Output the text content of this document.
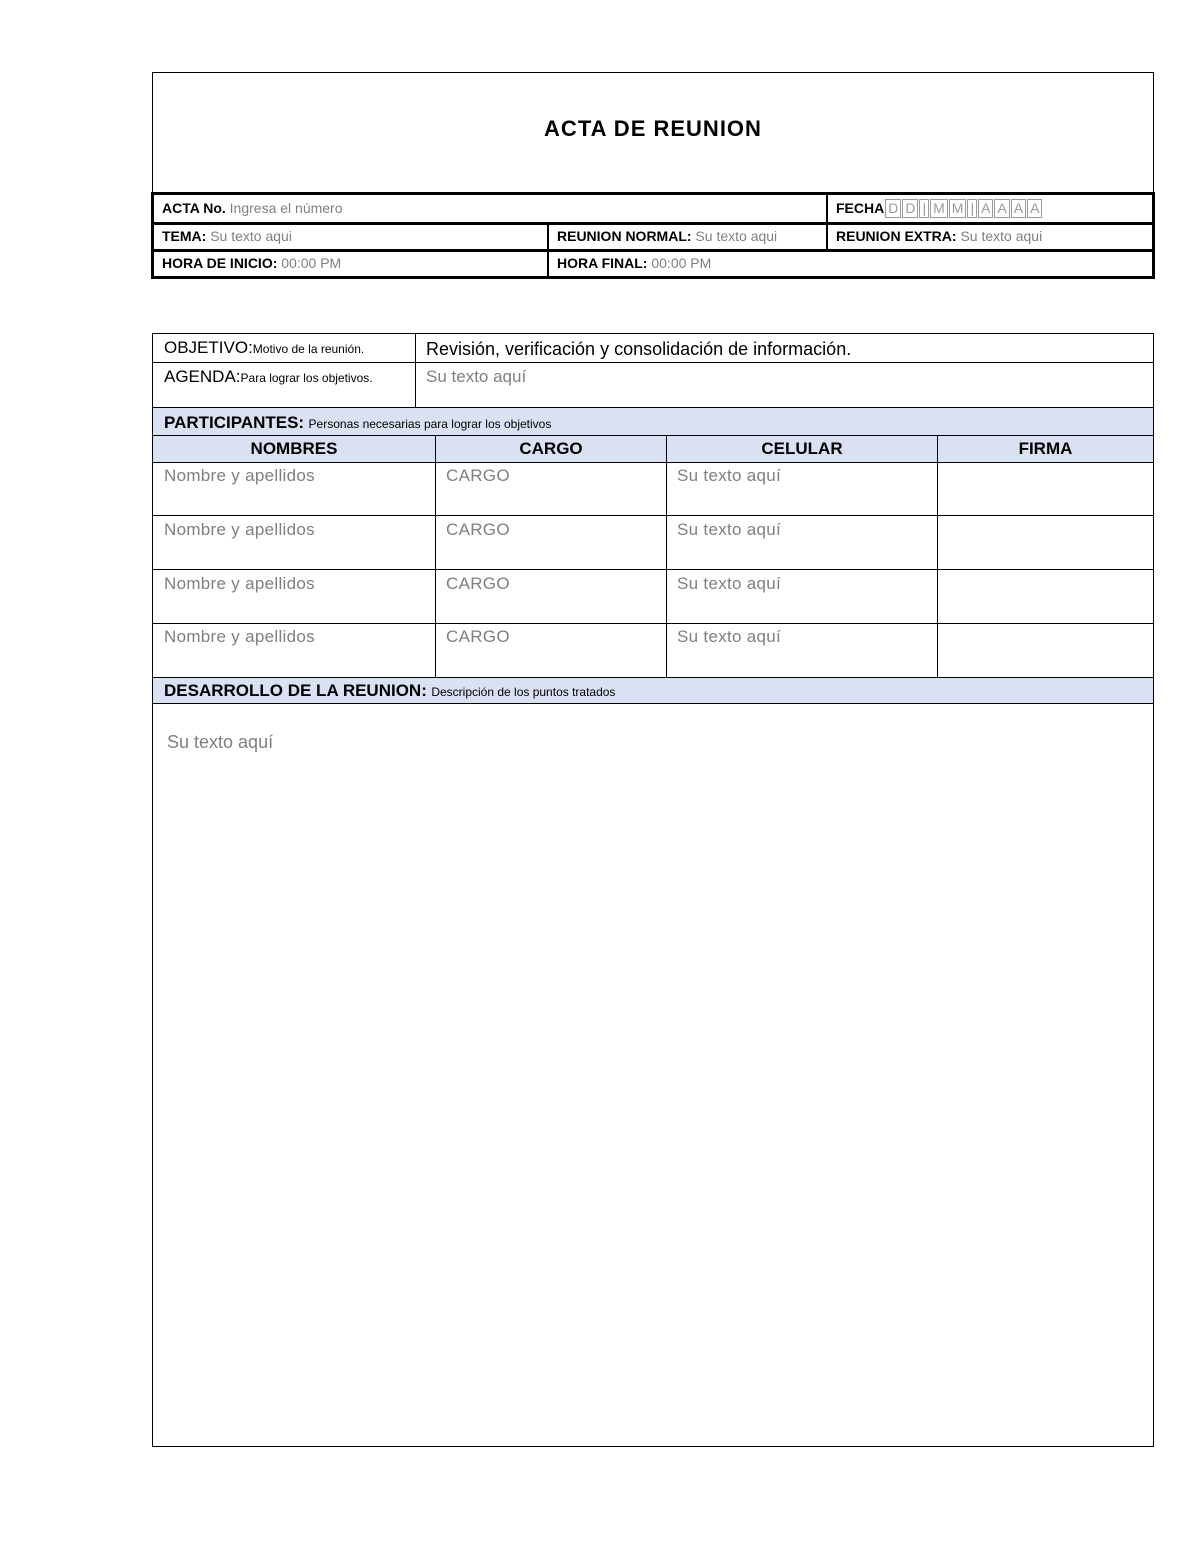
ACTA DE REUNION
ACTA No. Ingresa el número	FECHA D D | M M | A A A A
TEMA: Su texto aqui	REUNION NORMAL: Su texto aqui	REUNION EXTRA: Su texto aqui
HORA DE INICIO: 00:00 PM	HORA FINAL: 00:00 PM
OBJETIVO:Motivo de la reunión.	Revisión, verificación y consolidación de información.
AGENDA:Para lograr los objetivos.	Su texto aquí
PARTICIPANTES: Personas necesarias para lograr los objetivos
NOMBRES	CARGO	CELULAR	FIRMA
Nombre y apellidos	CARGO	Su texto aquí
Nombre y apellidos	CARGO	Su texto aquí
Nombre y apellidos	CARGO	Su texto aquí
Nombre y apellidos	CARGO	Su texto aquí
DESARROLLO DE LA REUNION: Descripción de los puntos tratados
Su texto aquí
